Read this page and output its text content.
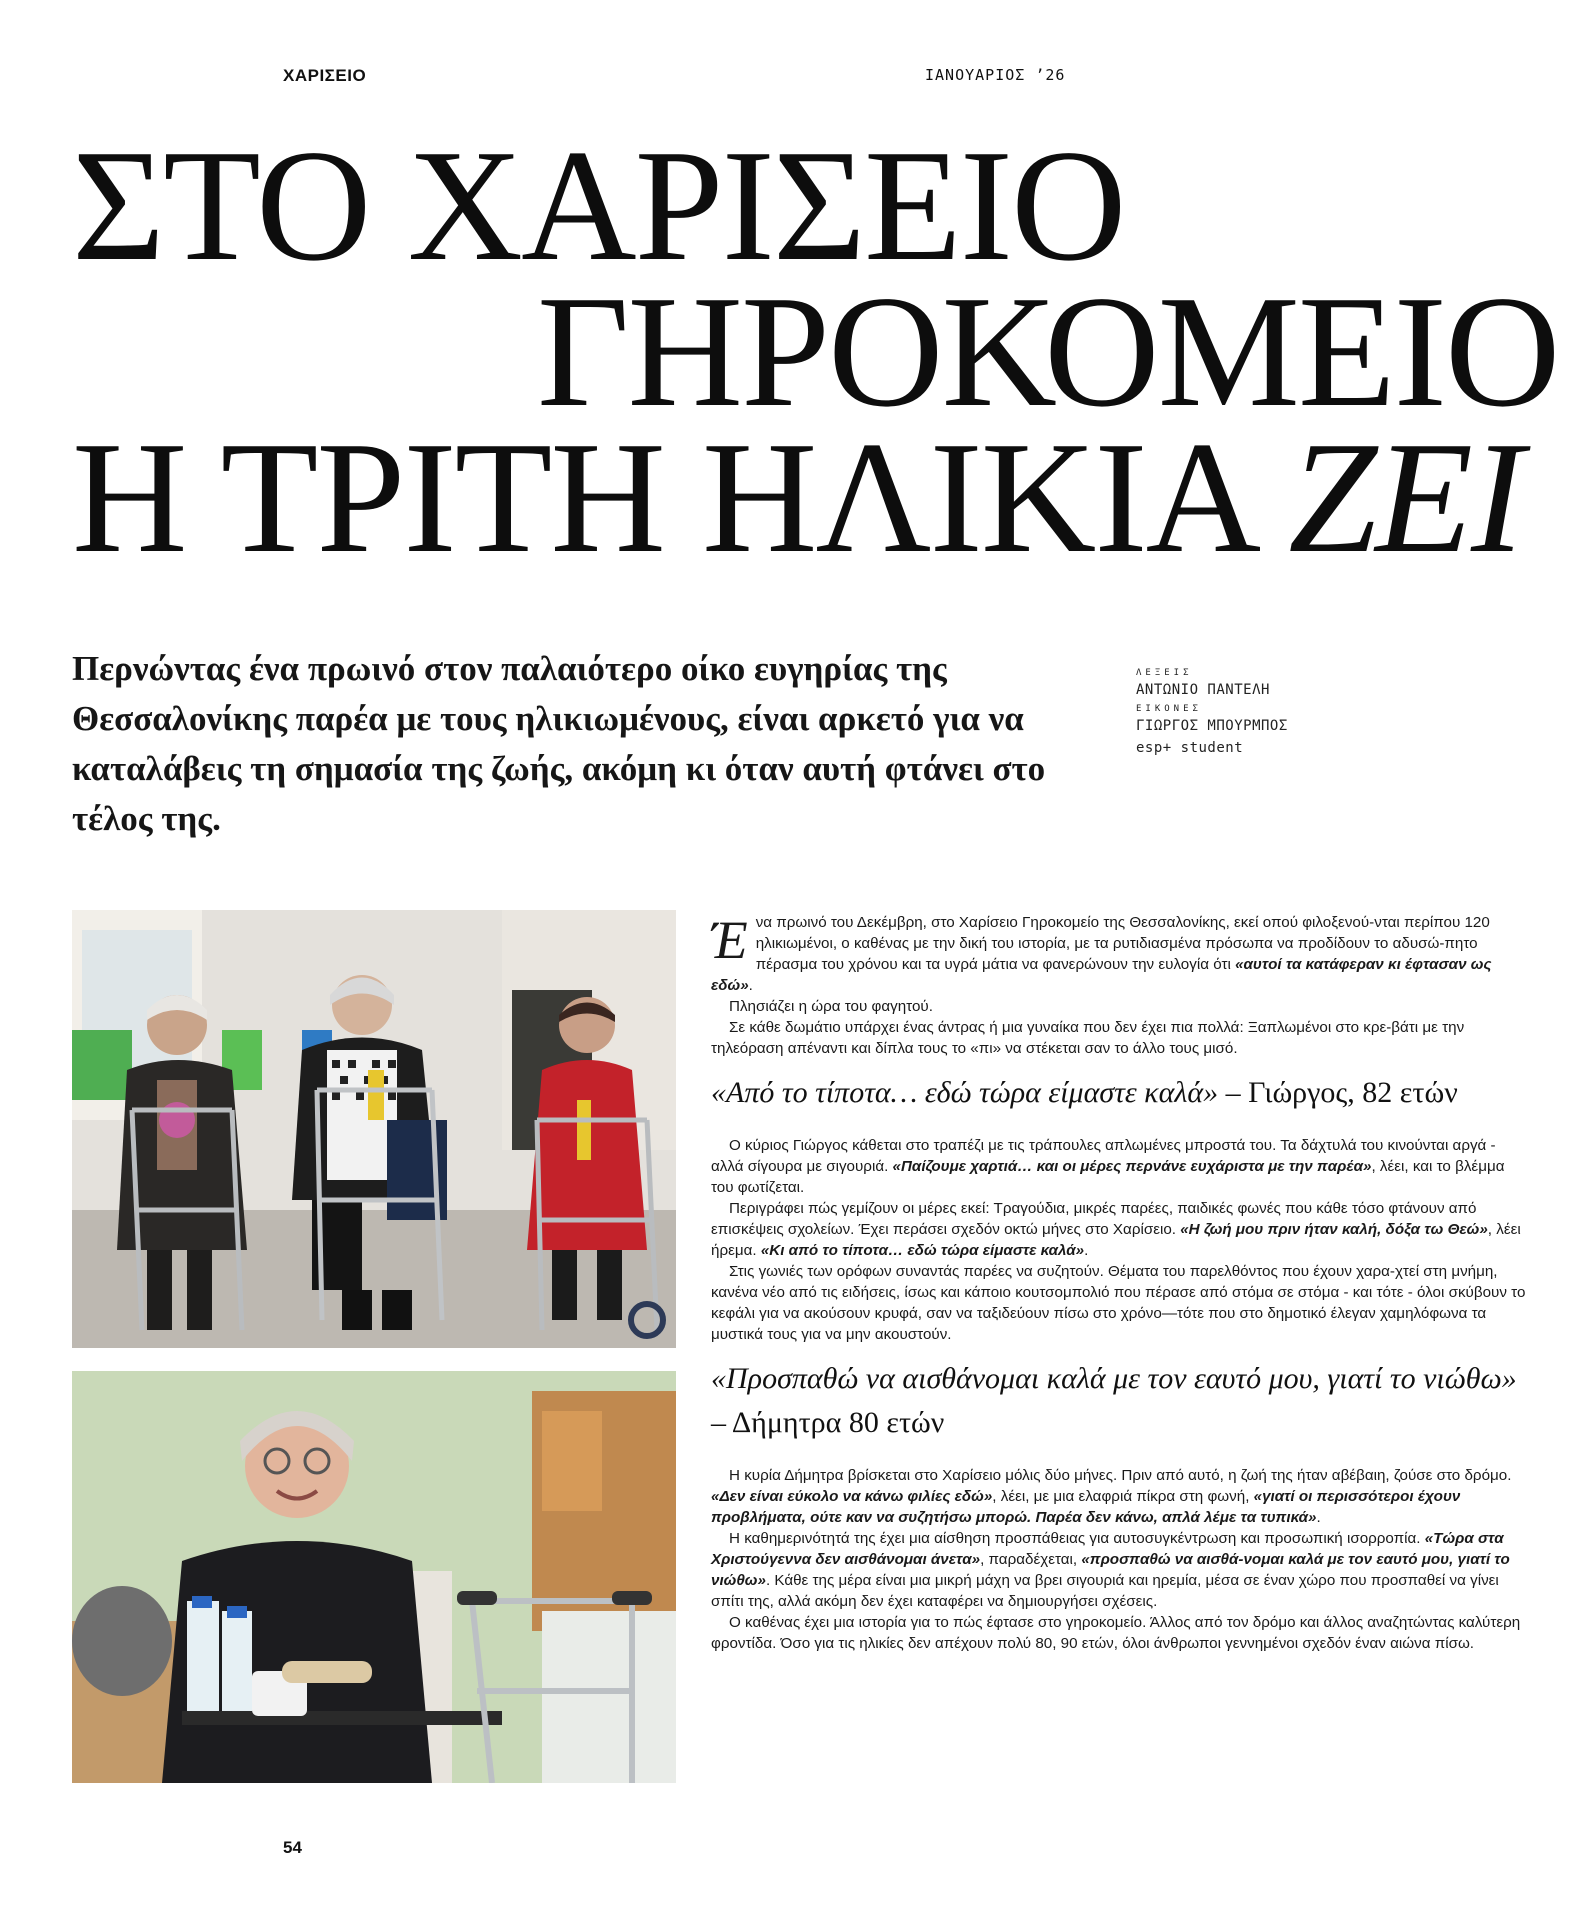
ΧΑΡΙΣΕΙΟ	ΙΑΝΟΥΑΡΙΟΣ ’26
ΣΤΟ ΧΑΡΙΣΕΙΟ
ΓΗΡΟΚΟΜΕΙΟ
Η ΤΡΙΤΗ ΗΛΙΚΙΑ ΖΕΙ

Περνώντας ένα πρωινό στον παλαιότερο οίκο ευγηρίας της Θεσσαλονίκης παρέα με τους ηλικιωμένους, είναι αρκετό για να καταλάβεις τη σημασία της ζωής, ακόμη κι όταν αυτή φτάνει στο τέλος της.

ΛΕΞΕΙΣ
ΑΝΤΩΝΙΟ ΠΑΝΤΕΛΗ
ΕΙΚΟΝΕΣ
ΓΙΩΡΓΟΣ ΜΠΟΥΡΜΠΟΣ
esp+ student

Ένα πρωινό του Δεκέμβρη, στο Χαρίσειο Γηροκομείο της Θεσσαλονίκης, εκεί οπού φιλοξενού-νται περίπου 120 ηλικιωμένοι, ο καθένας με την δική του ιστορία, με τα ρυτιδιασμένα πρόσωπα να προδίδουν το αδυσώ-πητο πέρασμα του χρόνου και τα υγρά μάτια να φανερώνουν την ευλογία ότι «αυτοί τα κατάφεραν κι έφτασαν ως εδώ».

Πλησιάζει η ώρα του φαγητού.

Σε κάθε δωμάτιο υπάρχει ένας άντρας ή μια γυναίκα που δεν έχει πια πολλά: Ξαπλωμένοι στο κρε-βάτι με την τηλεόραση απέναντι και δίπλα τους το «πι» να στέκεται σαν το άλλο τους μισό.

«Από το τίποτα… εδώ τώρα είμαστε καλά» – Γιώργος, 82 ετών

Ο κύριος Γιώργος κάθεται στο τραπέζι με τις τράπουλες απλωμένες μπροστά του. Τα δάχτυλά του κινούνται αργά - αλλά σίγουρα με σιγουριά. «Παίζουμε χαρτιά… και οι μέρες περνάνε ευχάριστα με την παρέα», λέει, και το βλέμμα του φωτίζεται.

Περιγράφει πώς γεμίζουν οι μέρες εκεί: Τραγούδια, μικρές παρέες, παιδικές φωνές που κάθε τόσο φτάνουν από επισκέψεις σχολείων. Έχει περάσει σχεδόν οκτώ μήνες στο Χαρίσειο. «Η ζωή μου πριν ήταν καλή, δόξα τω Θεώ», λέει ήρεμα. «Κι από το τίποτα… εδώ τώρα είμαστε καλά».

Στις γωνιές των ορόφων συναντάς παρέες να συζητούν. Θέματα του παρελθόντος που έχουν χαρα-χτεί στη μνήμη, κανένα νέο από τις ειδήσεις, ίσως και κάποιο κουτσομπολιό που πέρασε από στόμα σε στόμα - και τότε - όλοι σκύβουν το κεφάλι για να ακούσουν κρυφά, σαν να ταξιδεύουν πίσω στο χρόνο—τότε που στο δημοτικό έλεγαν χαμηλόφωνα τα μυστικά τους για να μην ακουστούν.

«Προσπαθώ να αισθάνομαι καλά με τον εαυτό μου, γιατί το νιώθω» – Δήμητρα 80 ετών

Η κυρία Δήμητρα βρίσκεται στο Χαρίσειο μόλις δύο μήνες. Πριν από αυτό, η ζωή της ήταν αβέβαιη, ζούσε στο δρόμο. «Δεν είναι εύκολο να κάνω φιλίες εδώ», λέει, με μια ελαφριά πίκρα στη φωνή, «γιατί οι περισσότεροι έχουν προβλήματα, ούτε καν να συζητήσω μπορώ. Παρέα δεν κάνω, απλά λέμε τα τυπικά».

Η καθημερινότητά της έχει μια αίσθηση προσπάθειας για αυτοσυγκέντρωση και προσωπική ισορροπία. «Τώρα στα Χριστούγεννα δεν αισθάνομαι άνετα», παραδέχεται, «προσπαθώ να αισθά-νομαι καλά με τον εαυτό μου, γιατί το νιώθω». Κάθε της μέρα είναι μια μικρή μάχη να βρει σιγουριά και ηρεμία, μέσα σε έναν χώρο που προσπαθεί να γίνει σπίτι της, αλλά ακόμη δεν έχει καταφέρει να δημιουργήσει σχέσεις.

Ο καθένας έχει μια ιστορία για το πώς έφτασε στο γηροκομείο. Άλλος από τον δρόμο και άλλος αναζητώντας καλύτερη φροντίδα. Όσο για τις ηλικίες δεν απέχουν πολύ 80, 90 ετών, όλοι άνθρωποι γεννημένοι σχεδόν έναν αιώνα πίσω.

54
